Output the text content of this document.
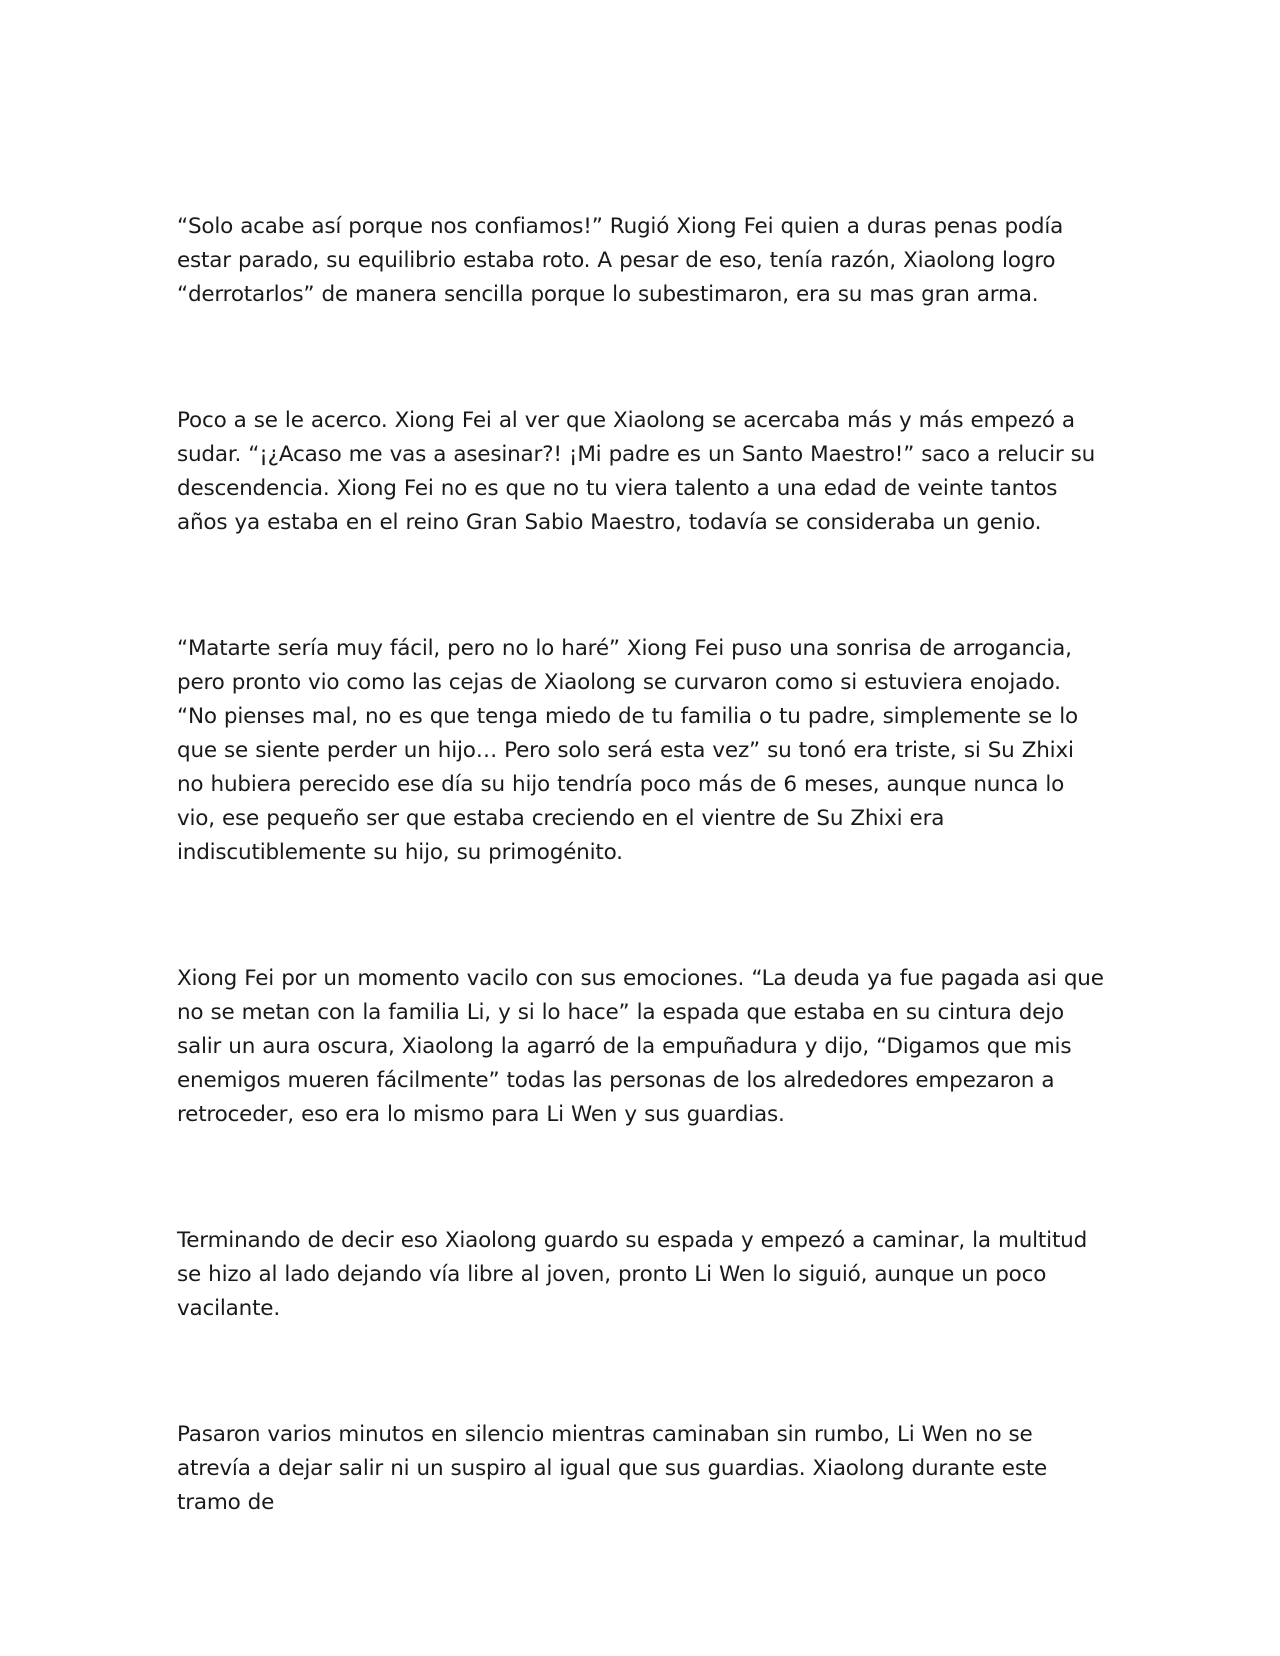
“Solo acabe así porque nos confiamos!” Rugió Xiong Fei quien a duras penas podía estar parado, su equilibrio estaba roto. A pesar de eso, tenía razón, Xiaolong logro “derrotarlos” de manera sencilla porque lo subestimaron, era su mas gran arma.

Poco a se le acerco. Xiong Fei al ver que Xiaolong se acercaba más y más empezó a sudar. “¡¿Acaso me vas a asesinar?! ¡Mi padre es un Santo Maestro!” saco a relucir su descendencia. Xiong Fei no es que no tu viera talento a una edad de veinte tantos años ya estaba en el reino Gran Sabio Maestro, todavía se consideraba un genio.

“Matarte sería muy fácil, pero no lo haré” Xiong Fei puso una sonrisa de arrogancia, pero pronto vio como las cejas de Xiaolong se curvaron como si estuviera enojado. “No pienses mal, no es que tenga miedo de tu familia o tu padre, simplemente se lo que se siente perder un hijo… Pero solo será esta vez” su tonó era triste, si Su Zhixi no hubiera perecido ese día su hijo tendría poco más de 6 meses, aunque nunca lo vio, ese pequeño ser que estaba creciendo en el vientre de Su Zhixi era indiscutiblemente su hijo, su primogénito.

Xiong Fei por un momento vacilo con sus emociones. “La deuda ya fue pagada asi que no se metan con la familia Li, y si lo hace” la espada que estaba en su cintura dejo salir un aura oscura, Xiaolong la agarró de la empuñadura y dijo, “Digamos que mis enemigos mueren fácilmente” todas las personas de los alrededores empezaron a retroceder, eso era lo mismo para Li Wen y sus guardias.

Terminando de decir eso Xiaolong guardo su espada y empezó a caminar, la multitud se hizo al lado dejando vía libre al joven, pronto Li Wen lo siguió, aunque un poco vacilante.

Pasaron varios minutos en silencio mientras caminaban sin rumbo, Li Wen no se atrevía a dejar salir ni un suspiro al igual que sus guardias. Xiaolong durante este tramo de
